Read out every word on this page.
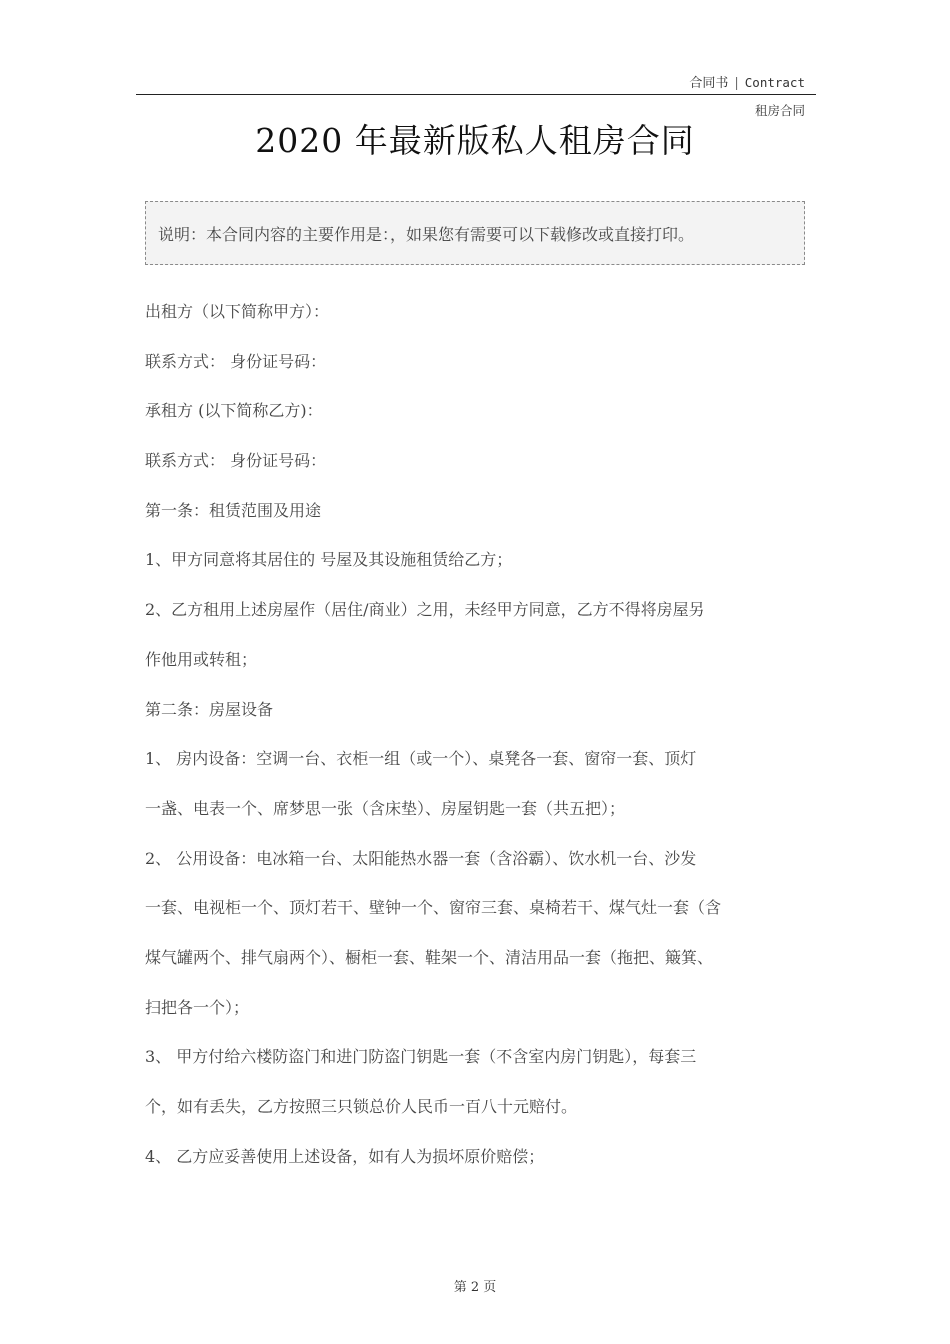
合同书 | Contract
租房合同
2020 年最新版私人租房合同
说明：本合同内容的主要作用是：，如果您有需要可以下载修改或直接打印。
出租方（以下简称甲方）：
联系方式： 身份证号码：
承租方 (以下简称乙方)：
联系方式： 身份证号码：
第一条：租赁范围及用途
1、甲方同意将其居住的 号屋及其设施租赁给乙方；
2、乙方租用上述房屋作（居住/商业）之用，未经甲方同意，乙方不得将房屋另
作他用或转租；
第二条：房屋设备
1、 房内设备：空调一台、衣柜一组（或一个）、桌凳各一套、窗帘一套、顶灯
一盏、电表一个、席梦思一张（含床垫）、房屋钥匙一套（共五把）；
2、 公用设备：电冰箱一台、太阳能热水器一套（含浴霸）、饮水机一台、沙发
一套、电视柜一个、顶灯若干、壁钟一个、窗帘三套、桌椅若干、煤气灶一套（含
煤气罐两个、排气扇两个）、橱柜一套、鞋架一个、清洁用品一套（拖把、簸箕、
扫把各一个）；
3、 甲方付给六楼防盗门和进门防盗门钥匙一套（不含室内房门钥匙），每套三
个，如有丢失，乙方按照三只锁总价人民币一百八十元赔付。
4、 乙方应妥善使用上述设备，如有人为损坏原价赔偿；
第 2 页
